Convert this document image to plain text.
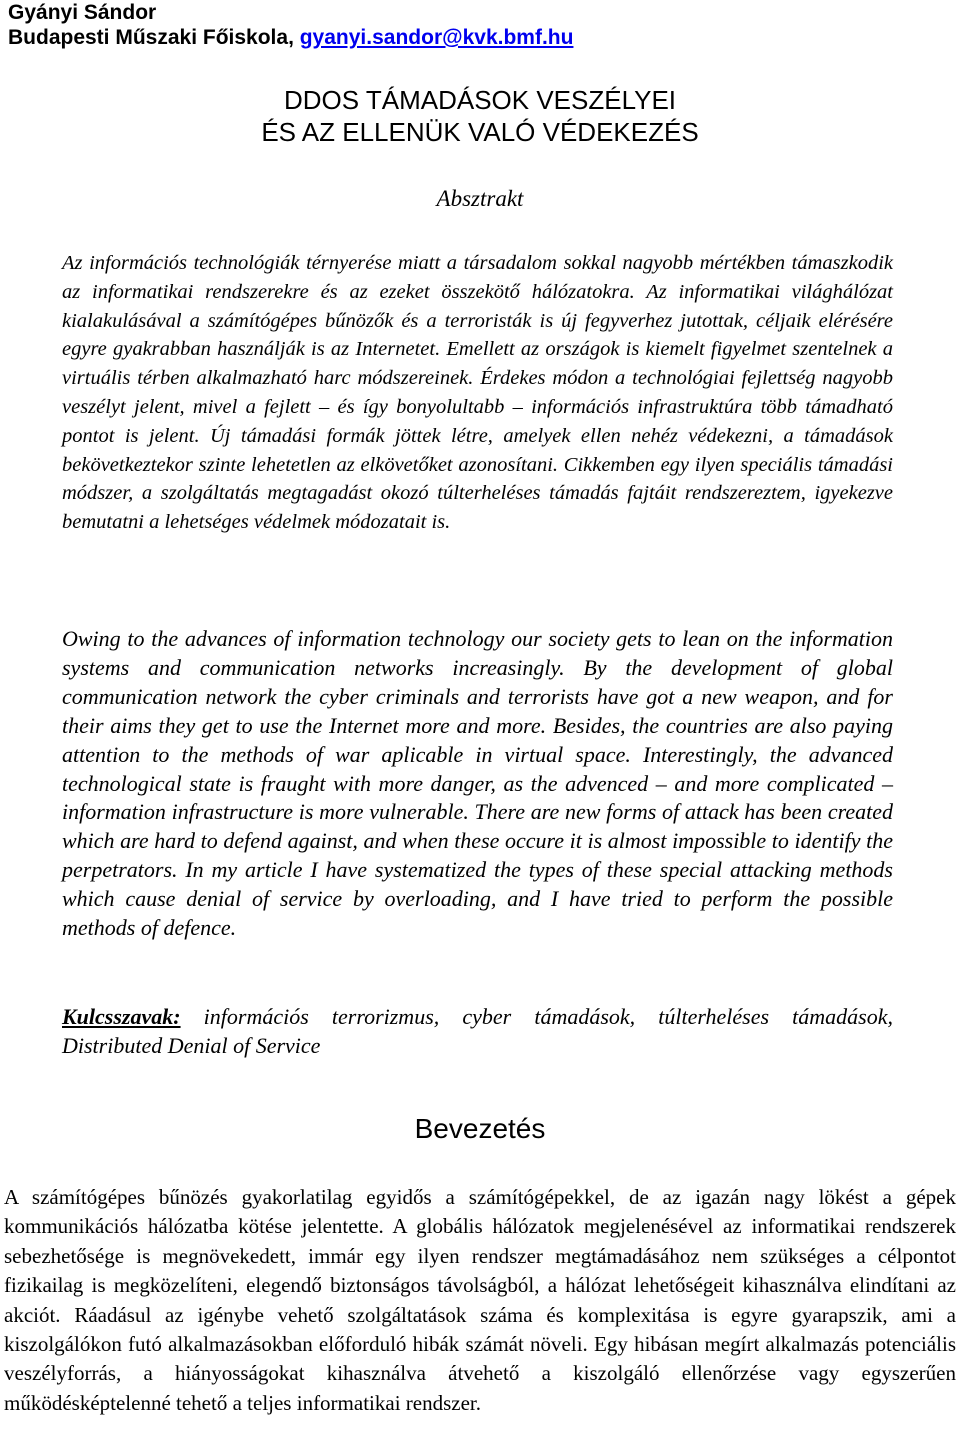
Gyányi Sándor
Budapesti Műszaki Főiskola, gyanyi.sandor@kvk.bmf.hu
DDOS TÁMADÁSOK VESZÉLYEI
ÉS AZ ELLENÜK VALÓ VÉDEKEZÉS
Absztrakt

Az információs technológiák térnyerése miatt a társadalom sokkal nagyobb mértékben támaszkodik az informatikai rendszerekre és az ezeket összekötő hálózatokra. Az informatikai világhálózat kialakulásával a számítógépes bűnözők és a terroristák is új fegyverhez jutottak, céljaik elérésére egyre gyakrabban használják is az Internetet. Emellett az országok is kiemelt figyelmet szentelnek a virtuális térben alkalmazható harc módszereinek. Érdekes módon a technológiai fejlettség nagyobb veszélyt jelent, mivel a fejlett – és így bonyolultabb – információs infrastruktúra több támadható pontot is jelent. Új támadási formák jöttek létre, amelyek ellen nehéz védekezni, a támadások bekövetkeztekor szinte lehetetlen az elkövetőket azonosítani. Cikkemben egy ilyen speciális támadási módszer, a szolgáltatás megtagadást okozó túlterheléses támadás fajtáit rendszereztem, igyekezve bemutatni a lehetséges védelmek módozatait is.

Owing to the advances of information technology our society gets to lean on the information systems and communication networks increasingly. By the development of global communication network the cyber criminals and terrorists have got a new weapon, and for their aims they get to use the Internet more and more. Besides, the countries are also paying attention to the methods of war aplicable in virtual space. Interestingly, the advanced technological state is fraught with more danger, as the advenced – and more complicated – information infrastructure is more vulnerable. There are new forms of attack has been created which are hard to defend against, and when these occure it is almost impossible to identify the perpetrators. In my article I have systematized the types of these special attacking methods which cause denial of service by overloading, and I have tried to perform the possible methods of defence.

Kulcsszavak: információs terrorizmus, cyber támadások, túlterheléses támadások, Distributed Denial of Service

Bevezetés

A számítógépes bűnözés gyakorlatilag egyidős a számítógépekkel, de az igazán nagy lökést a gépek kommunikációs hálózatba kötése jelentette. A globális hálózatok megjelenésével az informatikai rendszerek sebezhetősége is megnövekedett, immár egy ilyen rendszer megtámadásához nem szükséges a célpontot fizikailag is megközelíteni, elegendő biztonságos távolságból, a hálózat lehetőségeit kihasználva elindítani az akciót. Ráadásul az igénybe vehető szolgáltatások száma és komplexitása is egyre gyarapszik, ami a kiszolgálókon futó alkalmazásokban előforduló hibák számát növeli. Egy hibásan megírt alkalmazás potenciális veszélyforrás, a hiányosságokat kihasználva átvehető a kiszolgáló ellenőrzése vagy egyszerűen működésképtelenné tehető a teljes informatikai rendszer.
